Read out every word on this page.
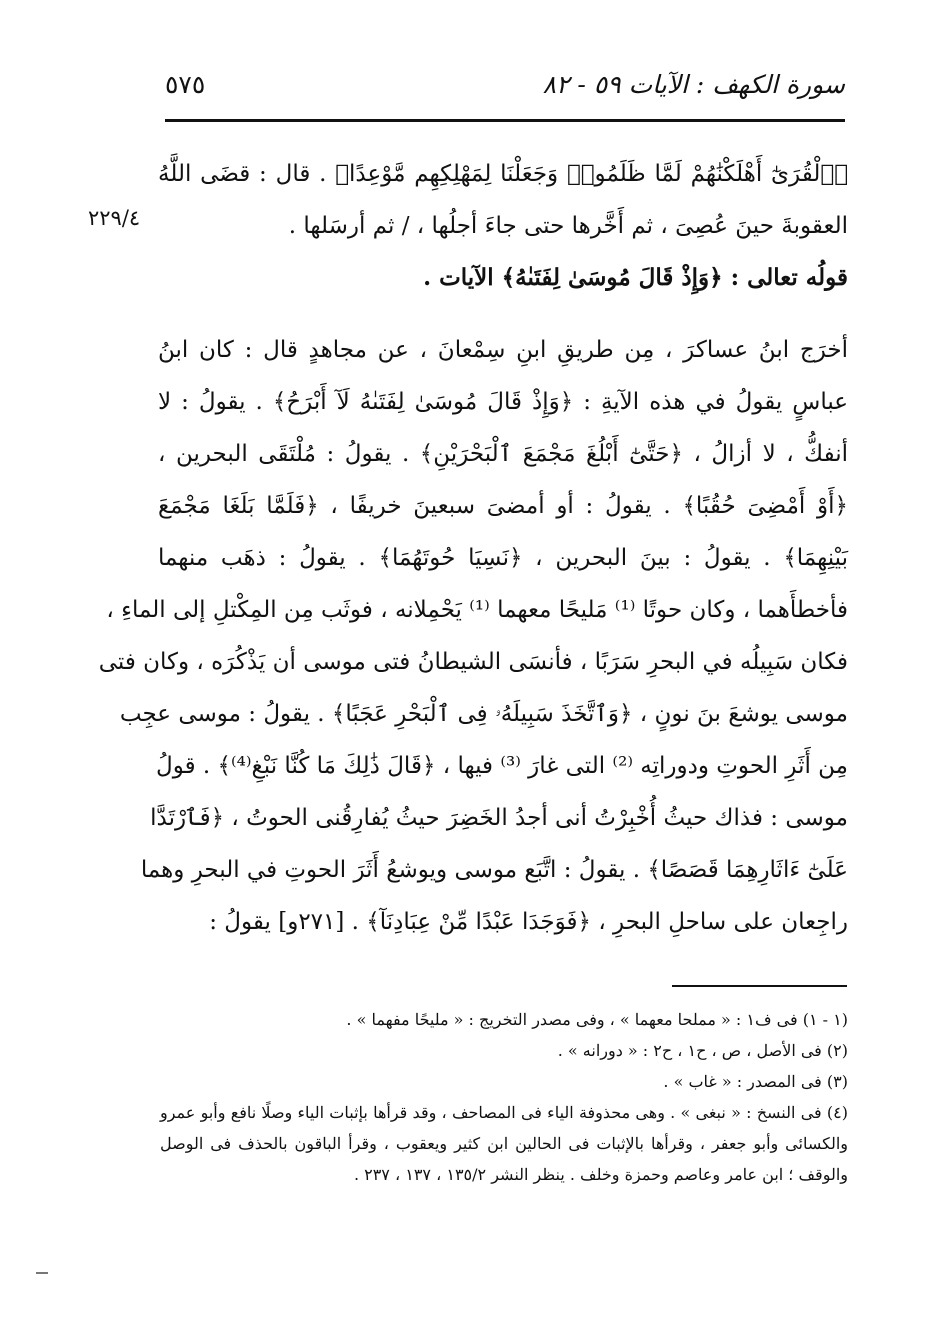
سورة الكهف : الآيات ٥٩ - ٨٢
٥٧٥
٢٢٩/٤
﴿ٱلْقُرَىٰٓ أَهْلَكْنَٰهُمْ لَمَّا ظَلَمُوا۟ وَجَعَلْنَا لِمَهْلِكِهِم مَّوْعِدًا﴾ . قال : قضَى اللَّهُ
العقوبةَ حينَ عُصِىَ ، ثم أَخَّرها حتى جاءَ أجلُها ، / ثم أرسَلها .
قولُه تعالى : ﴿وَإِذْ قَالَ مُوسَىٰ لِفَتَىٰهُ﴾ الآيات .
أخرَج ابنُ عساكرَ ، مِن طريقِ ابنِ سِمْعانَ ، عن مجاهدٍ قال : كان ابنُ
عباسٍ يقولُ في هذه الآيةِ : ﴿وَإِذْ قَالَ مُوسَىٰ لِفَتَىٰهُ لَآ أَبْرَحُ﴾ . يقولُ : لا
أنفكُّ ، لا أزالُ ، ﴿حَتَّىٰٓ أَبْلُغَ مَجْمَعَ ٱلْبَحْرَيْنِ﴾ . يقولُ : مُلْتَقَى البحرين ،
﴿أَوْ أَمْضِىَ حُقُبًا﴾ . يقولُ : أو أمضىَ سبعينَ خريفًا ، ﴿فَلَمَّا بَلَغَا مَجْمَعَ
بَيْنِهِمَا﴾ . يقولُ : بينَ البحرين ، ﴿نَسِيَا حُوتَهُمَا﴾ . يقولُ : ذهَب منهما
فأخطأَهما ، وكان حوتًا ⁽¹⁾ مَليحًا معهما ⁽¹⁾ يَحْمِلانه ، فوثَب مِن المِكْتلِ إلى الماءِ ،
فكان سَبِيلُه في البحرِ سَرَبًا ، فأنسَى الشيطانُ فتى موسى أن يَذْكُرَه ، وكان فتى
موسى يوشعَ بنَ نونٍ ، ﴿وَٱتَّخَذَ سَبِيلَهُۥ فِى ٱلْبَحْرِ عَجَبًا﴾ . يقولُ : موسى عجِب
مِن أَثَرِ الحوتِ ودوراتِه ⁽²⁾ التى غارَ ⁽³⁾ فيها ، ﴿قَالَ ذَٰلِكَ مَا كُنَّا نَبْغِ⁽⁴⁾﴾ . قولُ
موسى : فذاك حيثُ أُخْبِرْتُ أنى أجدُ الخَضِرَ حيثُ يُفارِقُنى الحوتُ ، ﴿فَٱرْتَدَّا
عَلَىٰٓ ءَاثَارِهِمَا قَصَصًا﴾ . يقولُ : اتَّبَع موسى ويوشعُ أَثَرَ الحوتِ في البحرِ وهما
راجِعان على ساحلِ البحرِ ، ﴿فَوَجَدَا عَبْدًا مِّنْ عِبَادِنَآ﴾ . [٢٧١و] يقولُ :
(١ - ١) فى ف١ : « مملحا معهما » ، وفى مصدر التخريج : « مليحًا مفهما » .
(٢) فى الأصل ، ص ، ح١ ، ح٢ : « دورانه » .
(٣) فى المصدر : « غاب » .
(٤) فى النسخ : « نبغى » . وهى محذوفة الياء فى المصاحف ، وقد قرأها بإثبات الياء وصلًا نافع وأبو عمرو
والكسائى وأبو جعفر ، وقرأها بالإثبات فى الحالين ابن كثير ويعقوب ، وقرأ الباقون بالحذف فى الوصل
والوقف ؛ ابن عامر وعاصم وحمزة وخلف . ينظر النشر ١٣٥/٢ ، ١٣٧ ، ٢٣٧ .
